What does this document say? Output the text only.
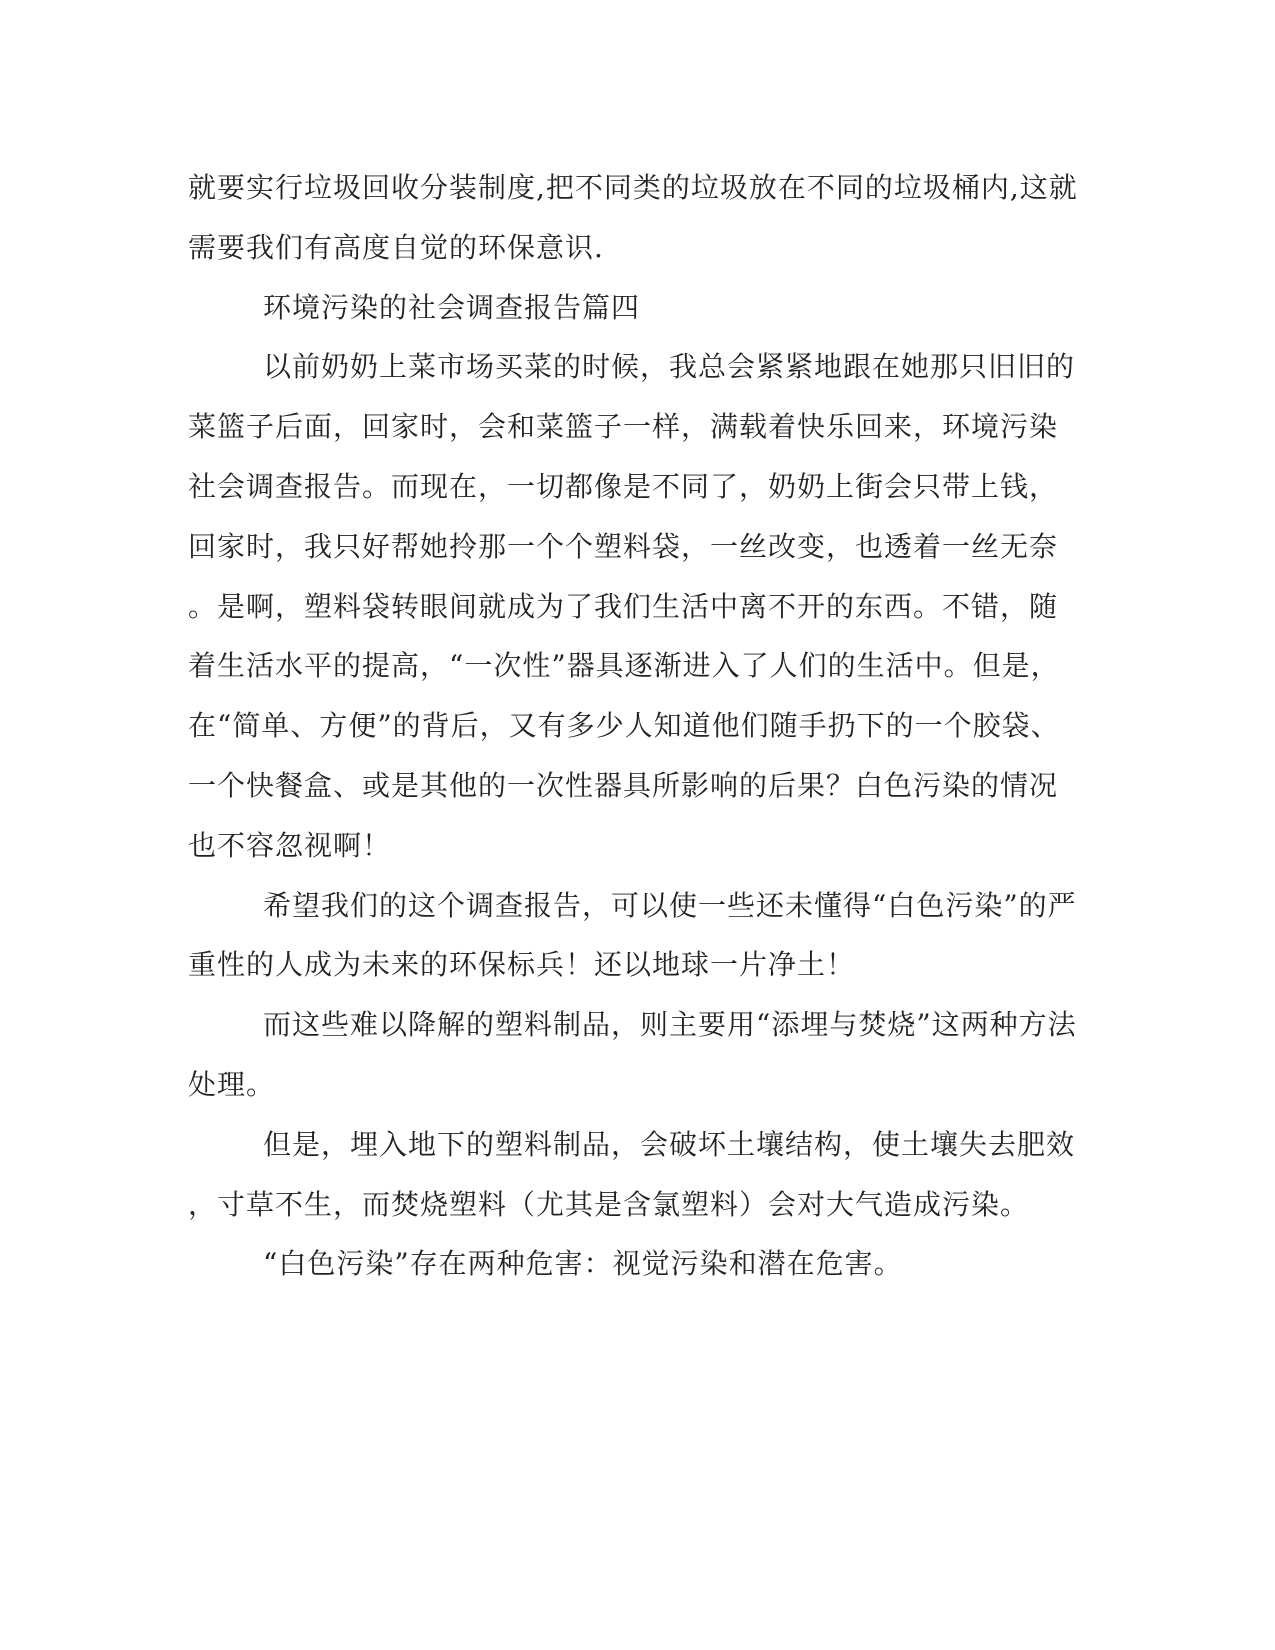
就要实行垃圾回收分装制度,把不同类的垃圾放在不同的垃圾桶内,这就
需要我们有高度自觉的环保意识.
环境污染的社会调查报告篇四
以前奶奶上菜市场买菜的时候，我总会紧紧地跟在她那只旧旧的
菜篮子后面，回家时，会和菜篮子一样，满载着快乐回来，环境污染
社会调查报告。而现在，一切都像是不同了，奶奶上街会只带上钱，
回家时，我只好帮她拎那一个个塑料袋，一丝改变，也透着一丝无奈
。是啊，塑料袋转眼间就成为了我们生活中离不开的东西。不错，随
着生活水平的提高，“一次性”器具逐渐进入了人们的生活中。但是，
在“简单、方便”的背后，又有多少人知道他们随手扔下的一个胶袋、
一个快餐盒、或是其他的一次性器具所影响的后果？白色污染的情况
也不容忽视啊！
希望我们的这个调查报告，可以使一些还未懂得“白色污染”的严
重性的人成为未来的环保标兵！还以地球一片净土！
而这些难以降解的塑料制品，则主要用“添埋与焚烧”这两种方法
处理。
但是，埋入地下的塑料制品，会破坏土壤结构，使土壤失去肥效
，寸草不生，而焚烧塑料（尤其是含氯塑料）会对大气造成污染。
“白色污染”存在两种危害：视觉污染和潜在危害。
